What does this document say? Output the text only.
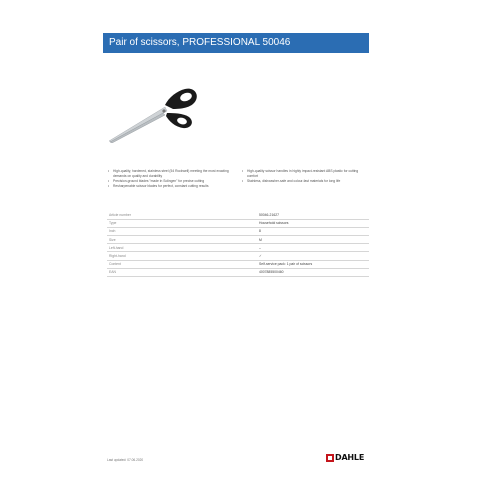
Pair of scissors, PROFESSIONAL 50046
• High-quality, hardened, stainless steel (54 Rockwell) meeting the most exacting demands on quality and durability
• Precision-ground blades "made in Solingen" for precise cutting
• Resharpenable scissor blades for perfect, constant cutting results
• High-quality scissor handles in highly impact-resistant ABS plastic for cutting comfort
• Stainless, dishwasher-safe and colour-fast materials for long life
Article number	50046-21627
Type	Household scissors
Inch	8
Size	M
Left-hand	–
Right-hand	✓
Content	Self-service pack: 1 pair of scissors
EAN	4007885500460
Last updated: 07.06.2020	DAHLE
